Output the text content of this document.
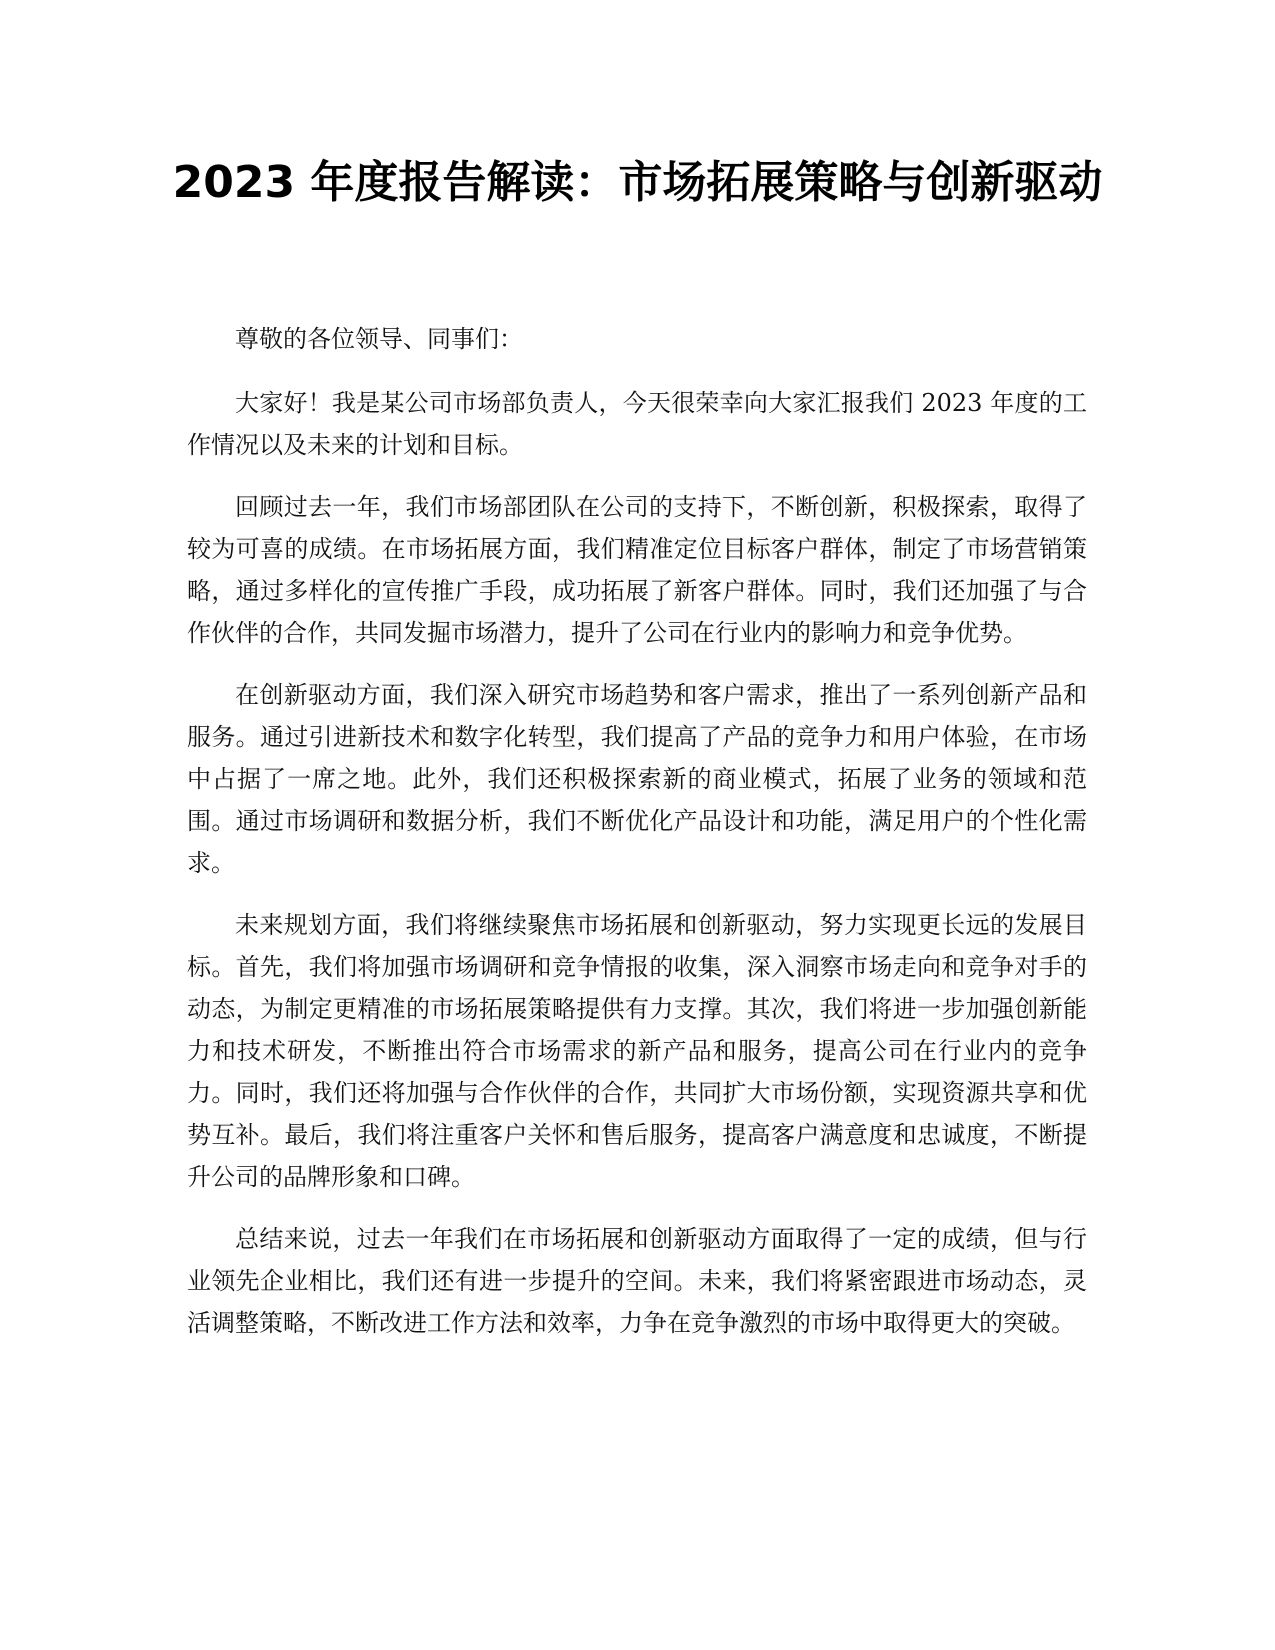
2023 年度报告解读：市场拓展策略与创新驱动

尊敬的各位领导、同事们：

大家好！我是某公司市场部负责人，今天很荣幸向大家汇报我们 2023 年度的工作情况以及未来的计划和目标。

回顾过去一年，我们市场部团队在公司的支持下，不断创新，积极探索，取得了较为可喜的成绩。在市场拓展方面，我们精准定位目标客户群体，制定了市场营销策略，通过多样化的宣传推广手段，成功拓展了新客户群体。同时，我们还加强了与合作伙伴的合作，共同发掘市场潜力，提升了公司在行业内的影响力和竞争优势。

在创新驱动方面，我们深入研究市场趋势和客户需求，推出了一系列创新产品和服务。通过引进新技术和数字化转型，我们提高了产品的竞争力和用户体验，在市场中占据了一席之地。此外，我们还积极探索新的商业模式，拓展了业务的领域和范围。通过市场调研和数据分析，我们不断优化产品设计和功能，满足用户的个性化需求。

未来规划方面，我们将继续聚焦市场拓展和创新驱动，努力实现更长远的发展目标。首先，我们将加强市场调研和竞争情报的收集，深入洞察市场走向和竞争对手的动态，为制定更精准的市场拓展策略提供有力支撑。其次，我们将进一步加强创新能力和技术研发，不断推出符合市场需求的新产品和服务，提高公司在行业内的竞争力。同时，我们还将加强与合作伙伴的合作，共同扩大市场份额，实现资源共享和优势互补。最后，我们将注重客户关怀和售后服务，提高客户满意度和忠诚度，不断提升公司的品牌形象和口碑。

总结来说，过去一年我们在市场拓展和创新驱动方面取得了一定的成绩，但与行业领先企业相比，我们还有进一步提升的空间。未来，我们将紧密跟进市场动态，灵活调整策略，不断改进工作方法和效率，力争在竞争激烈的市场中取得更大的突破。
